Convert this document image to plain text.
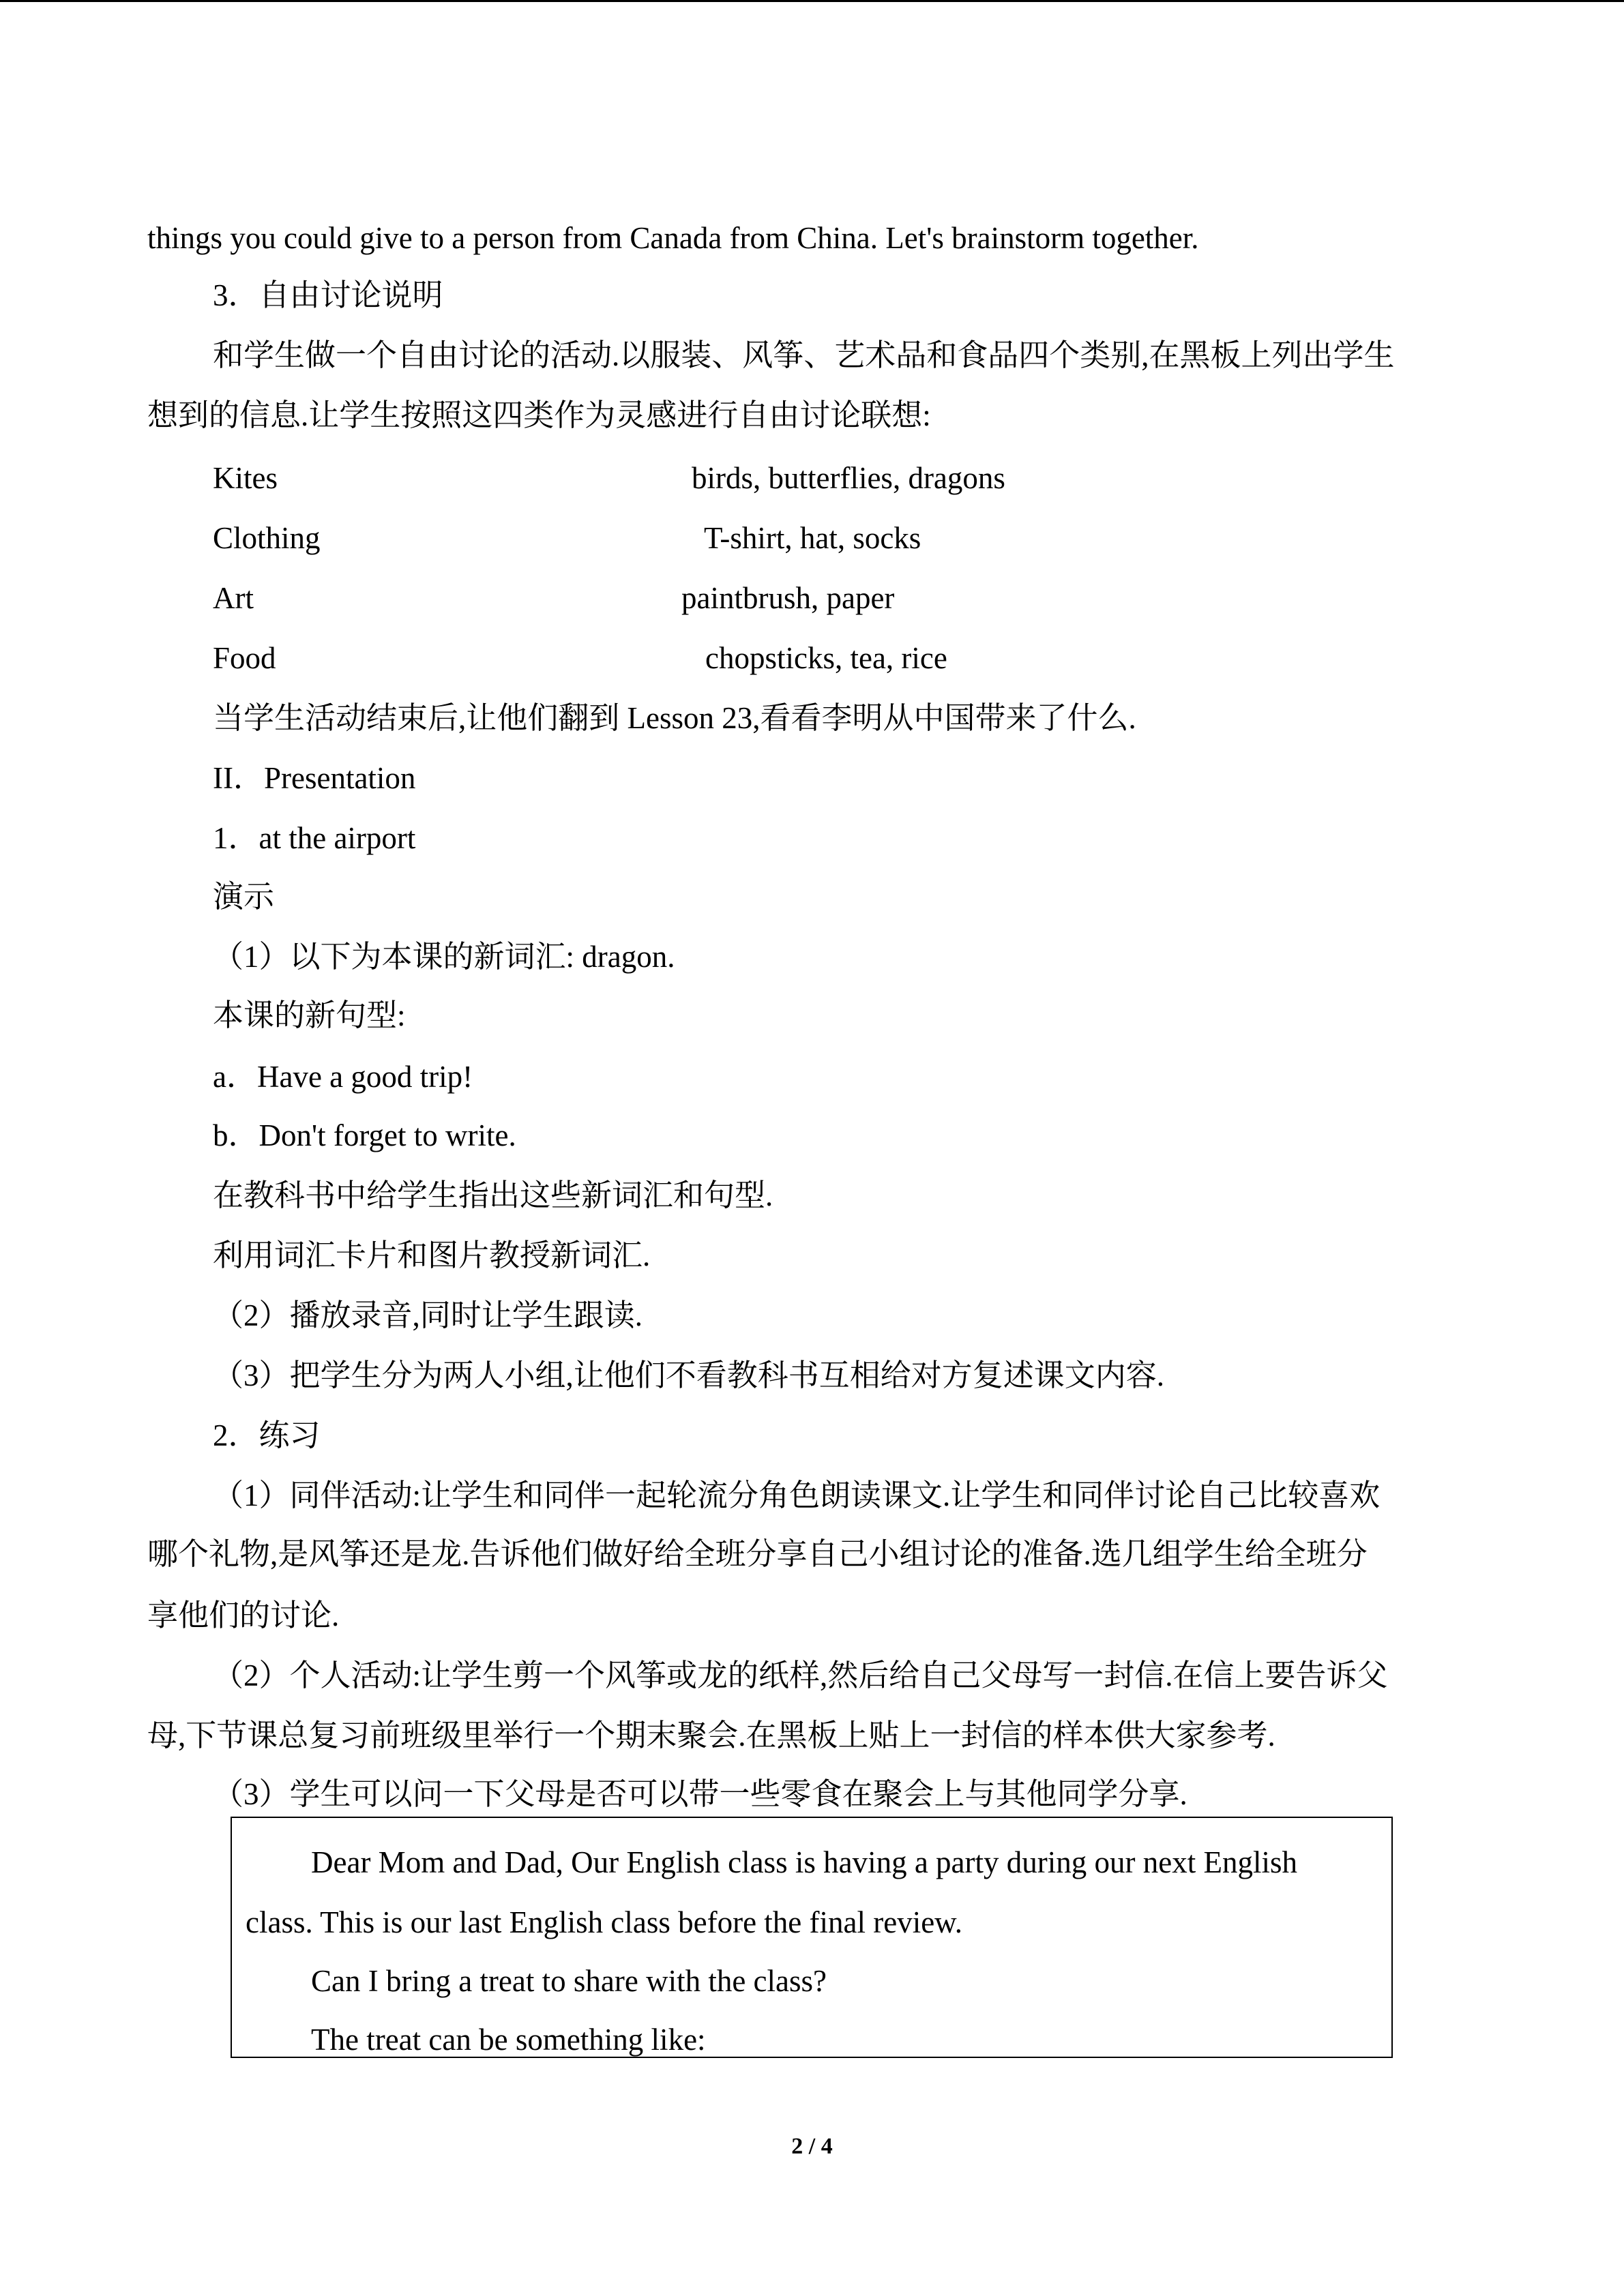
things you could give to a person from Canada from China. Let's brainstorm together.
3．自由讨论说明
和学生做一个自由讨论的活动.以服装、风筝、艺术品和食品四个类别,在黑板上列出学生
想到的信息.让学生按照这四类作为灵感进行自由讨论联想:
Kites	birds, butterflies, dragons
Clothing	T-shirt, hat, socks
Art	paintbrush, paper
Food	chopsticks, tea, rice
当学生活动结束后,让他们翻到 Lesson 23,看看李明从中国带来了什么.
II．Presentation
1．at the airport
演示
（1）以下为本课的新词汇: dragon.
本课的新句型:
a．Have a good trip!
b．Don't forget to write.
在教科书中给学生指出这些新词汇和句型.
利用词汇卡片和图片教授新词汇.
（2）播放录音,同时让学生跟读.
（3）把学生分为两人小组,让他们不看教科书互相给对方复述课文内容.
2．练习
（1）同伴活动:让学生和同伴一起轮流分角色朗读课文.让学生和同伴讨论自己比较喜欢
哪个礼物,是风筝还是龙.告诉他们做好给全班分享自己小组讨论的准备.选几组学生给全班分
享他们的讨论.
（2）个人活动:让学生剪一个风筝或龙的纸样,然后给自己父母写一封信.在信上要告诉父
母,下节课总复习前班级里举行一个期末聚会.在黑板上贴上一封信的样本供大家参考.
（3）学生可以问一下父母是否可以带一些零食在聚会上与其他同学分享.
Dear Mom and Dad, Our English class is having a party during our next English
class. This is our last English class before the final review.
Can I bring a treat to share with the class?
The treat can be something like:
2 / 4
